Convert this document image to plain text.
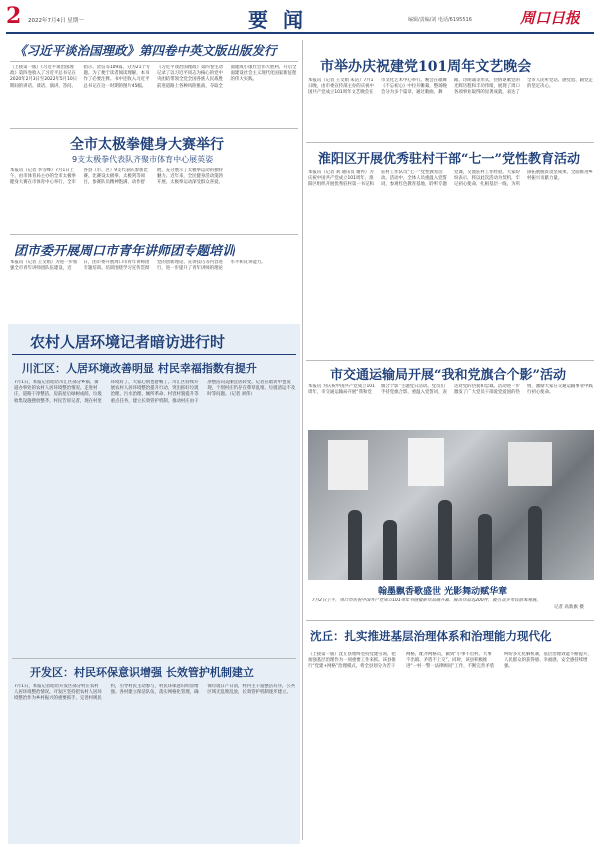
2 2022年7月4日 星期一	要 闻	编辑/责编/刘 电话/6195516	周口日报
《习近平谈治国理政》第四卷中英文版出版发行
（上接第一版）《习近平谈治国理政》第四卷收入了习近平总书记在2020年2月3日至2022年5月10日期间的讲话、谈话、演讲、答问、指示、贺信等109篇，分为21个专题。为了便于读者阅读理解，本书作了必要注释。书中还收入习近平总书记在这一时期的图片45幅。《习近平谈治国理政》第四卷生动记录了以习近平同志为核心的党中央团结带领全党全国各族人民战胜前进道路上各种风险挑战、夺取全面建成小康社会伟大胜利、开启全面建设社会主义现代化国家新征程的伟大实践。
全市太极拳健身大赛举行
9支太极拳代表队齐聚市体育中心展英姿
本报讯（记者 李雪峰）7月1日上午，由市体育局主办的全市太极拳健身大赛在市体育中心举行，全市各县（市、区）9支代表队参加比赛。比赛设太极拳、太极剑等项目，参赛队员精神饱满、动作舒展，充分展示了太极拳运动的独特魅力。近年来，全民健身活动蓬勃开展，太极拳运动深受群众喜爱。
团市委开展周口市青年讲师团专题培训
本报讯（记者 王文娟）为进一步加强全市青年讲师团队伍建设，近日，团市委开展周口市青年讲师团专题培训。培训围绕学习宣传贯彻党的创新理论、宣讲技巧等内容进行，进一步提升了青年讲师的理论水平和宣讲能力。
农村人居环境记者暗访进行时
川汇区：人居环境改善明显 村民幸福指数有提升
7月1日，本报记者暗访川汇区部分乡镇、街道办事处的农村人居环境整治情况。走进村庄，道路干净整洁，房前屋后绿树成荫，垃圾收集设施摆放整齐。村民告诉记者，现在村里环境好了，大家心情也舒畅了。川汇区持续开展农村人居环境整治提升行动，突出抓好垃圾治理、污水治理、厕所革命、村容村貌提升等重点任务，建立长效管护机制，推动村庄由干净整洁向美丽宜居转变。记者在暗访中也发现，个别村庄仍存在柴草乱堆、垃圾清运不及时等问题。（记者 刘伟）
开发区：村民环保意识增强 长效管护机制建立
7月1日，本报记者暗访开发区部分村庄农村人居环境整治情况。开发区坚持把农村人居环境整治作为乡村振兴的重要抓手，完善村规民约，引导村民主动参与，村民环保意识明显增强。各村建立保洁队伍，落实网格化管理，确保垃圾日产日清，村内主干道整洁有序，公共区域无乱堆乱放，长效管护机制逐步建立。
市举办庆祝建党101周年文艺晚会
本报讯（记者 王文娟 朱洁）7月1日晚，由市委宣传部主办的庆祝中国共产党成立101周年文艺晚会在市文化艺术中心举行。晚会在歌舞《不忘初心》中拉开帷幕，整场晚会分为多个篇章，通过歌曲、舞蹈、诗朗诵等形式，热情讴歌党的光辉历程和丰功伟绩，展现了周口各项事业取得的显著成就，表达了全市人民听党话、感党恩、跟党走的坚定决心。
淮阳区开展优秀驻村干部“七一”党性教育活动
本报讯（记者 刘 通讯员 谢冉）为庆祝中国共产党成立101周年，淮阳区组织开展优秀驻村第一书记和驻村工作队员“七一”党性教育活动。活动中，全体人员重温入党誓词，参观红色教育基地，聆听专题党课，交流驻村工作经验。大家纷纷表示，将以此次活动为契机，牢记初心使命，扎根基层一线，为巩固拓展脱贫攻坚成果、全面推进乡村振兴贡献力量。
市交通运输局开展“我和党旗合个影”活动
本报讯 为庆祝中国共产党成立101周年，市交通运输局开展“我和党旗合个影”主题党日活动。党员们手持党旗合影，重温入党誓词，表达对党的热爱和忠诚。活动进一步激发了广大党员干部爱党爱国的热情，激励大家在交通运输事业中践行初心使命。
翰墨飘香歌盛世 光影舞动赋华章
7月2日上午，周口市庆祝中国共产党成立101周年书画摄影作品展开幕，展出作品近200件，吸引众多市民前来观展。
记者 高新旗 摄
沈丘：扎实推进基层治理体系和治理能力现代化
（上接第一版）沈丘县始终坚持党建引领，把加强基层治理作为一项重要工作来抓。该县推行“党建+网格”治理模式，将全县划分为若干网格，配齐网格员，做到“小事不出村、大事不出镇、矛盾不上交”。同时，该县积极推进“一村一警一法律顾问”工作，不断完善矛盾纠纷多元化解机制，基层治理效能不断提升，人民群众的获得感、幸福感、安全感持续增强。
